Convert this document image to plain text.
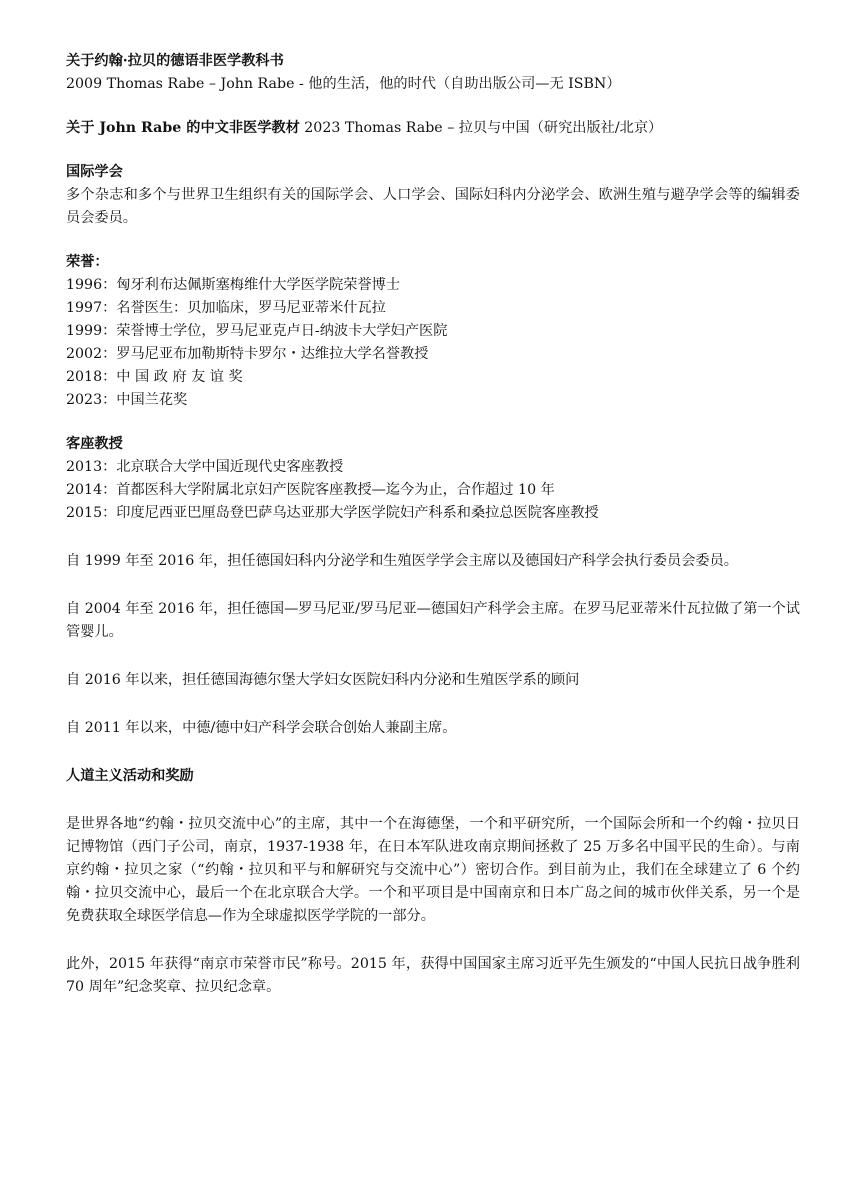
关于约翰·拉贝的德语非医学教科书
2009 Thomas Rabe – John Rabe - 他的生活，他的时代（自助出版公司—无 ISBN）
关于 John Rabe 的中文非医学教材 2023 Thomas Rabe – 拉贝与中国（研究出版社/北京）
国际学会
多个杂志和多个与世界卫生组织有关的国际学会、人口学会、国际妇科内分泌学会、欧洲生殖与避孕学会等的编辑委员会委员。
荣誉：
1996：匈牙利布达佩斯塞梅维什大学医学院荣誉博士
1997：名誉医生：贝加临床，罗马尼亚蒂米什瓦拉
1999：荣誉博士学位，罗马尼亚克卢日-纳波卡大学妇产医院
2002：罗马尼亚布加勒斯特卡罗尔・达维拉大学名誉教授
2018：中 国 政 府 友 谊 奖
2023：中国兰花奖
客座教授
2013：北京联合大学中国近现代史客座教授
2014：首都医科大学附属北京妇产医院客座教授—迄今为止，合作超过 10 年
2015：印度尼西亚巴厘岛登巴萨乌达亚那大学医学院妇产科系和桑拉总医院客座教授
自 1999 年至 2016 年，担任德国妇科内分泌学和生殖医学学会主席以及德国妇产科学会执行委员会委员。
自 2004 年至 2016 年，担任德国—罗马尼亚/罗马尼亚—德国妇产科学会主席。在罗马尼亚蒂米什瓦拉做了第一个试管婴儿。
自 2016 年以来，担任德国海德尔堡大学妇女医院妇科内分泌和生殖医学系的顾问
自 2011 年以来，中德/德中妇产科学会联合创始人兼副主席。
人道主义活动和奖励
是世界各地“约翰・拉贝交流中心”的主席，其中一个在海德堡，一个和平研究所，一个国际会所和一个约翰・拉贝日记博物馆（西门子公司，南京，1937-1938 年，在日本军队进攻南京期间拯救了 25 万多名中国平民的生命）。与南京约翰・拉贝之家（“约翰・拉贝和平与和解研究与交流中心”）密切合作。到目前为止，我们在全球建立了 6 个约翰・拉贝交流中心，最后一个在北京联合大学。一个和平项目是中国南京和日本广岛之间的城市伙伴关系，另一个是免费获取全球医学信息—作为全球虚拟医学学院的一部分。
此外，2015 年获得“南京市荣誉市民”称号。2015 年，获得中国国家主席习近平先生颁发的“中国人民抗日战争胜利 70 周年”纪念奖章、拉贝纪念章。
